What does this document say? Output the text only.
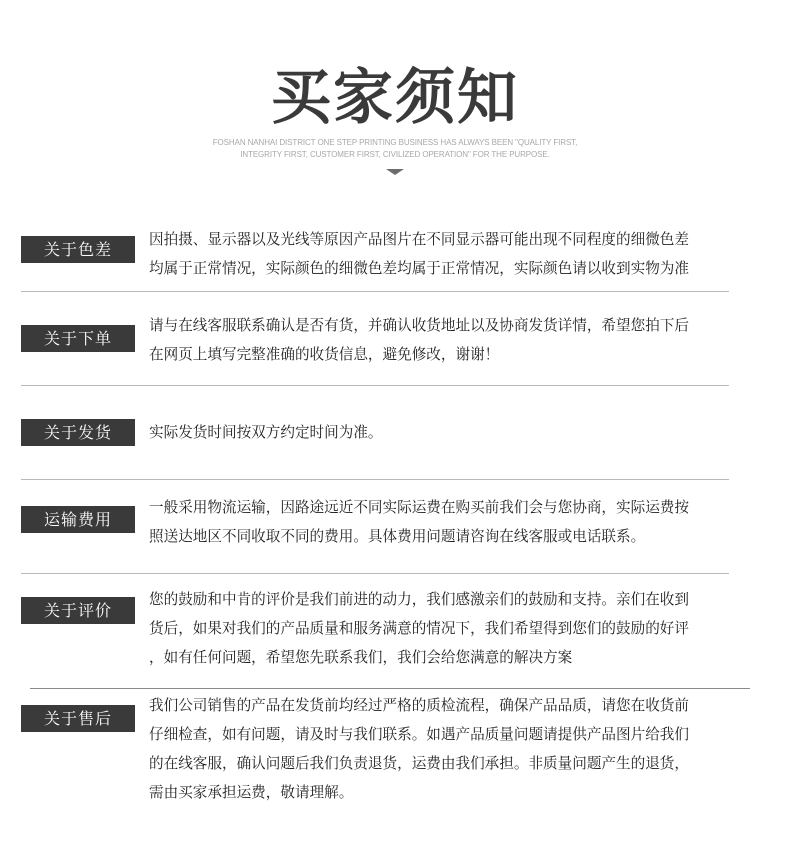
买家须知
FOSHAN NANHAI DISTRICT ONE STEP PRINTING BUSINESS HAS ALWAYS BEEN "QUALITY FIRST,
INTEGRITY FIRST, CUSTOMER FIRST, CIVILIZED OPERATION" FOR THE PURPOSE.
关于色差
因拍摄、显示器以及光线等原因产品图片在不同显示器可能出现不同程度的细微色差
均属于正常情况，实际颜色的细微色差均属于正常情况，实际颜色请以收到实物为准
关于下单
请与在线客服联系确认是否有货，并确认收货地址以及协商发货详情，希望您拍下后
在网页上填写完整准确的收货信息，避免修改，谢谢！
关于发货	实际发货时间按双方约定时间为准。
运输费用
一般采用物流运输，因路途远近不同实际运费在购买前我们会与您协商，实际运费按
照送达地区不同收取不同的费用。具体费用问题请咨询在线客服或电话联系。
关于评价
您的鼓励和中肯的评价是我们前进的动力，我们感激亲们的鼓励和支持。亲们在收到
货后，如果对我们的产品质量和服务满意的情况下，我们希望得到您们的鼓励的好评
，如有任何问题，希望您先联系我们，我们会给您满意的解决方案
关于售后
我们公司销售的产品在发货前均经过严格的质检流程，确保产品品质，请您在收货前
仔细检查，如有问题，请及时与我们联系。如遇产品质量问题请提供产品图片给我们
的在线客服，确认问题后我们负责退货，运费由我们承担。非质量问题产生的退货，
需由买家承担运费，敬请理解。
